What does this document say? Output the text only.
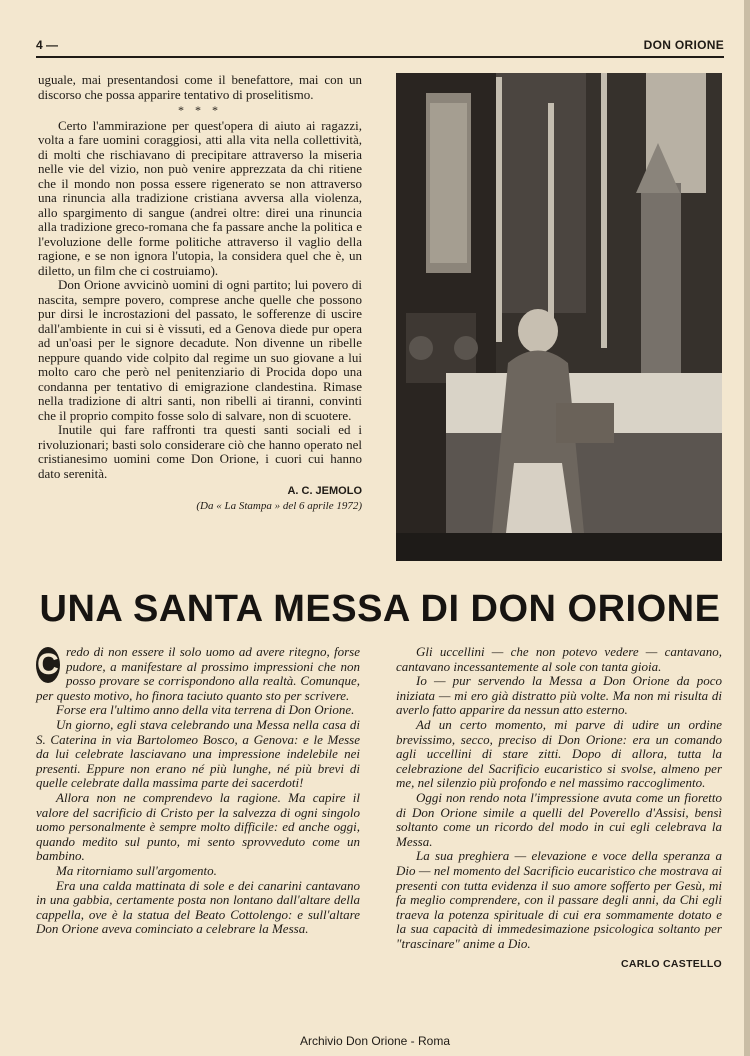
4 —	DON ORIONE

uguale, mai presentandosi come il benefattore, mai con un discorso che possa apparire tentativo di proselitismo.

* * *

Certo l'ammirazione per quest'opera di aiuto ai ragazzi, volta a fare uomini coraggiosi, atti alla vita nella collettività, di molti che rischiavano di precipitare attraverso la miseria nelle vie del vizio, non può venire apprezzata da chi ritiene che il mondo non possa essere rigenerato se non attraverso una rinuncia alla tradizione cristiana avversa alla violenza, allo spargimento di sangue (andrei oltre: direi una rinuncia alla tradizione greco-romana che fa passare anche la politica e l'evoluzione delle forme politiche attraverso il vaglio della ragione, e se non ignora l'utopia, la considera quel che è, un diletto, un film che ci costruiamo).

Don Orione avvicinò uomini di ogni partito; lui povero di nascita, sempre povero, comprese anche quelle che possono pur dirsi le incrostazioni del passato, le sofferenze di uscire dall'ambiente in cui si è vissuti, ed a Genova diede pur opera ad un'oasi per le signore decadute. Non divenne un ribelle neppure quando vide colpito dal regime un suo giovane a lui molto caro che però nel penitenziario di Procida dopo una condanna per tentativo di emigrazione clandestina. Rimase nella tradizione di altri santi, non ribelli ai tiranni, convinti che il proprio compito fosse solo di salvare, non di scuotere.

Inutile qui fare raffronti tra questi santi sociali ed i rivoluzionari; basti solo considerare ciò che hanno operato nel cristianesimo uomini come Don Orione, i cuori cui hanno dato serenità.

A. C. JEMOLO
(Da « La Stampa » del 6 aprile 1972)
UNA SANTA MESSA DI DON ORIONE

C redo di non essere il solo uomo ad avere ritegno, forse pudore, a manifestare al prossimo impressioni che non posso provare se corrispondono alla realtà. Comunque, per questo motivo, ho finora taciuto quanto sto per scrivere.

Forse era l'ultimo anno della vita terrena di Don Orione.

Un giorno, egli stava celebrando una Messa nella casa di S. Caterina in via Bartolomeo Bosco, a Genova: e le Messe da lui celebrate lasciavano una impressione indelebile nei presenti. Eppure non erano né più lunghe, né più brevi di quelle celebrate dalla massima parte dei sacerdoti!

Allora non ne comprendevo la ragione. Ma capire il valore del sacrificio di Cristo per la salvezza di ogni singolo uomo personalmente è sempre molto difficile: ed anche oggi, quando medito sul punto, mi sento sprovveduto come un bambino.

Ma ritorniamo sull'argomento.

Era una calda mattinata di sole e dei canarini cantavano in una gabbia, certamente posta non lontano dall'altare della cappella, ove è la statua del Beato Cottolengo: e sull'altare Don Orione aveva cominciato a celebrare la Messa.

Gli uccellini — che non potevo vedere — cantavano, cantavano incessantemente al sole con tanta gioia.

Io — pur servendo la Messa a Don Orione da poco iniziata — mi ero già distratto più volte. Ma non mi risulta di averlo fatto apparire da nessun atto esterno.

Ad un certo momento, mi parve di udire un ordine brevissimo, secco, preciso di Don Orione: era un comando agli uccellini di stare zitti. Dopo di allora, tutta la celebrazione del Sacrificio eucaristico si svolse, almeno per me, nel silenzio più profondo e nel massimo raccoglimento.

Oggi non rendo nota l'impressione avuta come un fioretto di Don Orione simile a quelli del Poverello d'Assisi, bensì soltanto come un ricordo del modo in cui egli celebrava la Messa.

La sua preghiera — elevazione e voce della speranza a Dio — nel momento del Sacrificio eucaristico che mostrava ai presenti con tutta evidenza il suo amore sofferto per Gesù, mi fa meglio comprendere, con il passare degli anni, da Chi egli traeva la potenza spirituale di cui era sommamente dotato e la sua capacità di immedesimazione psicologica soltanto per "trascinare" anime a Dio.

CARLO CASTELLO
Archivio Don Orione - Roma
